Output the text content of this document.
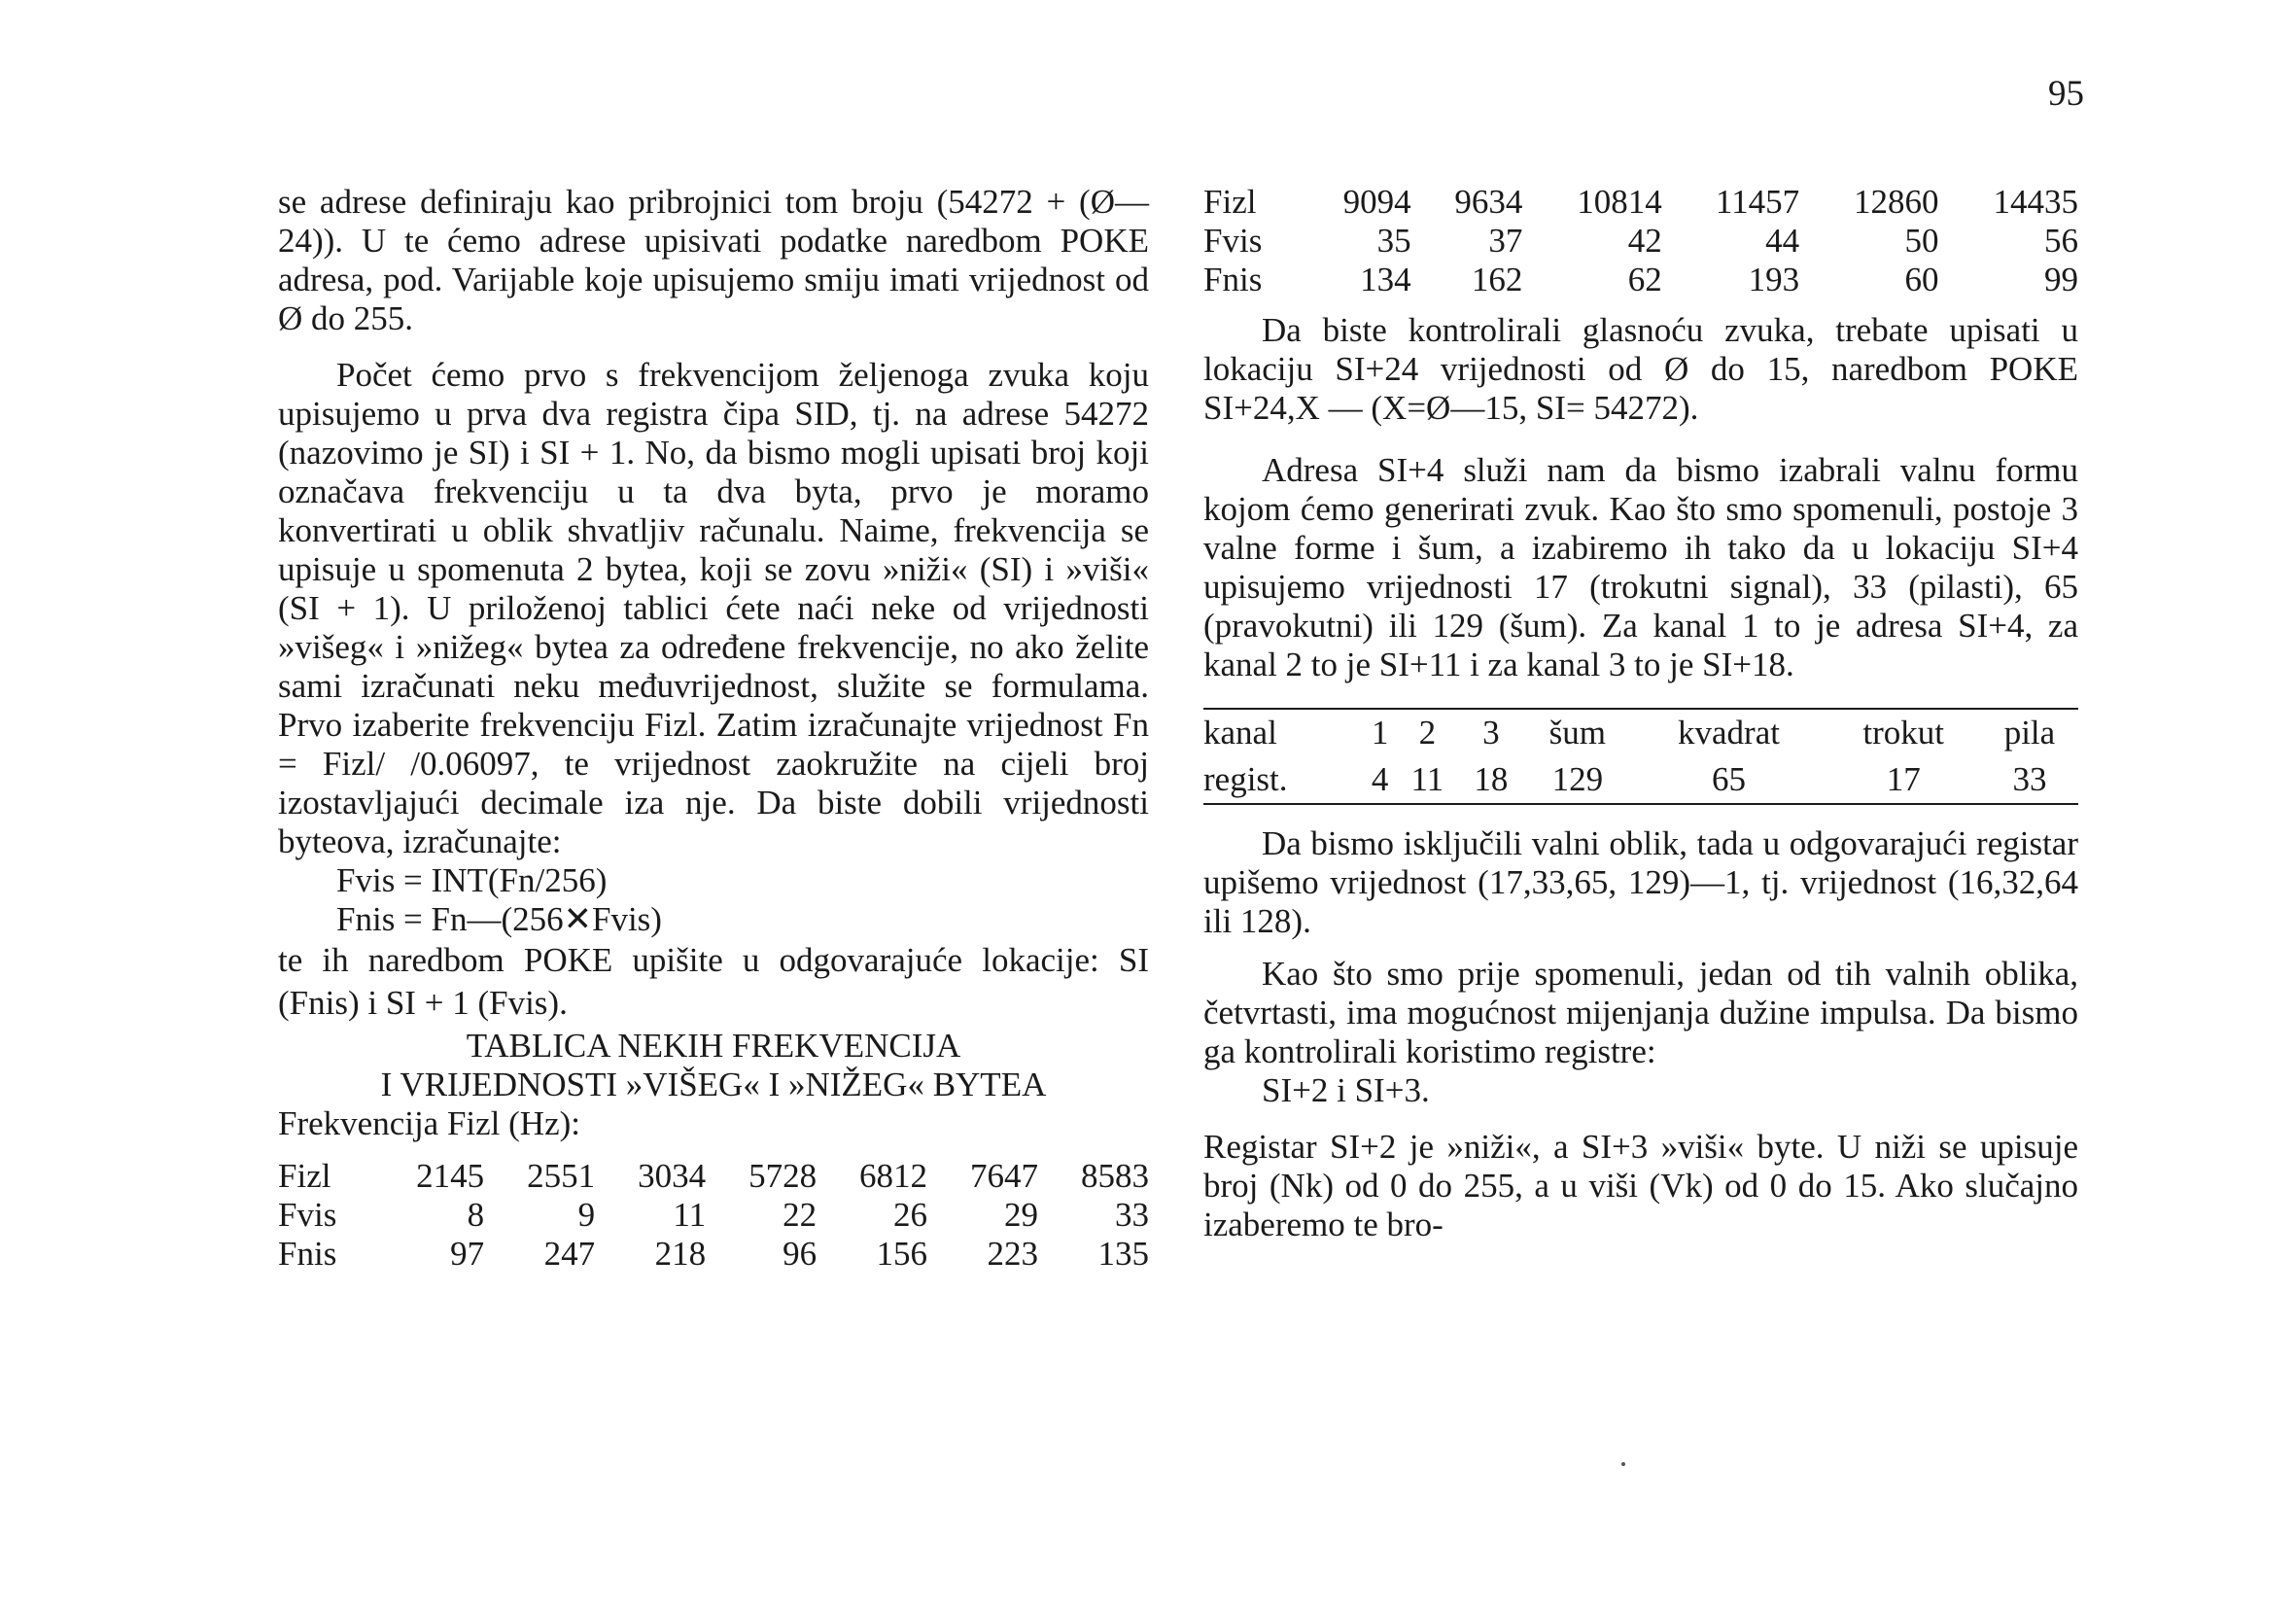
95

se adrese definiraju kao pribrojnici tom broju (54272 + (Ø—24)). U te ćemo adrese upisivati podatke naredbom POKE adresa, pod. Varijable koje upisujemo smiju imati vrijednost od Ø do 255.

Počet ćemo prvo s frekvencijom željenoga zvuka koju upisujemo u prva dva registra čipa SID, tj. na adrese 54272 (nazovimo je SI) i SI + 1. No, da bismo mogli upisati broj koji označava frekvenciju u ta dva byta, prvo je moramo konvertirati u oblik shvatljiv računalu. Naime, frekvencija se upisuje u spomenuta 2 bytea, koji se zovu »niži« (SI) i »viši« (SI + 1). U priloženoj tablici ćete naći neke od vrijednosti »višeg« i »nižeg« bytea za određene frekvencije, no ako želite sami izračunati neku međuvrijednost, služite se formulama. Prvo izaberite frekvenciju Fizl. Zatim izračunajte vrijednost Fn = Fizl/ /0.06097, te vrijednost zaokružite na cijeli broj izostavljajući decimale iza nje. Da biste dobili vrijednosti byteova, izračunajte:

Fvis = INT(Fn/256)

Fnis = Fn—(256✕Fvis)

te ih naredbom POKE upišite u odgovarajuće lokacije: SI (Fnis) i SI + 1 (Fvis).

TABLICA NEKIH FREKVENCIJA

I VRIJEDNOSTI »VIŠEG« I »NIŽEG« BYTEA

Frekvencija Fizl (Hz):

Fizl	2145	2551	3034	5728	6812	7647	8583
Fvis	8	9	11	22	26	29	33
Fnis	97	247	218	96	156	223	135
Fizl	9094	9634	10814	11457	12860	14435
Fvis	35	37	42	44	50	56
Fnis	134	162	62	193	60	99

Da biste kontrolirali glasnoću zvuka, trebate upisati u lokaciju SI+24 vrijednosti od Ø do 15, naredbom POKE SI+24,X — (X=Ø—15, SI= 54272).

Adresa SI+4 služi nam da bismo izabrali valnu formu kojom ćemo generirati zvuk. Kao što smo spomenuli, postoje 3 valne forme i šum, a izabiremo ih tako da u lokaciju SI+4 upisujemo vrijednosti 17 (trokutni signal), 33 (pilasti), 65 (pravokutni) ili 129 (šum). Za kanal 1 to je adresa SI+4, za kanal 2 to je SI+11 i za kanal 3 to je SI+18.

kanal	1	2	3	šum	kvadrat	trokut	pila
regist.	4	11	18	129	65	17	33

Da bismo isključili valni oblik, tada u odgovarajući registar upišemo vrijednost (17,33,65, 129)—1, tj. vrijednost (16,32,64 ili 128).

Kao što smo prije spomenuli, jedan od tih valnih oblika, četvrtasti, ima mogućnost mijenjanja dužine impulsa. Da bismo ga kontrolirali koristimo registre:

SI+2 i SI+3.

Registar SI+2 je »niži«, a SI+3 »viši« byte. U niži se upisuje broj (Nk) od 0 do 255, a u viši (Vk) od 0 do 15. Ako slučajno izaberemo te bro-
